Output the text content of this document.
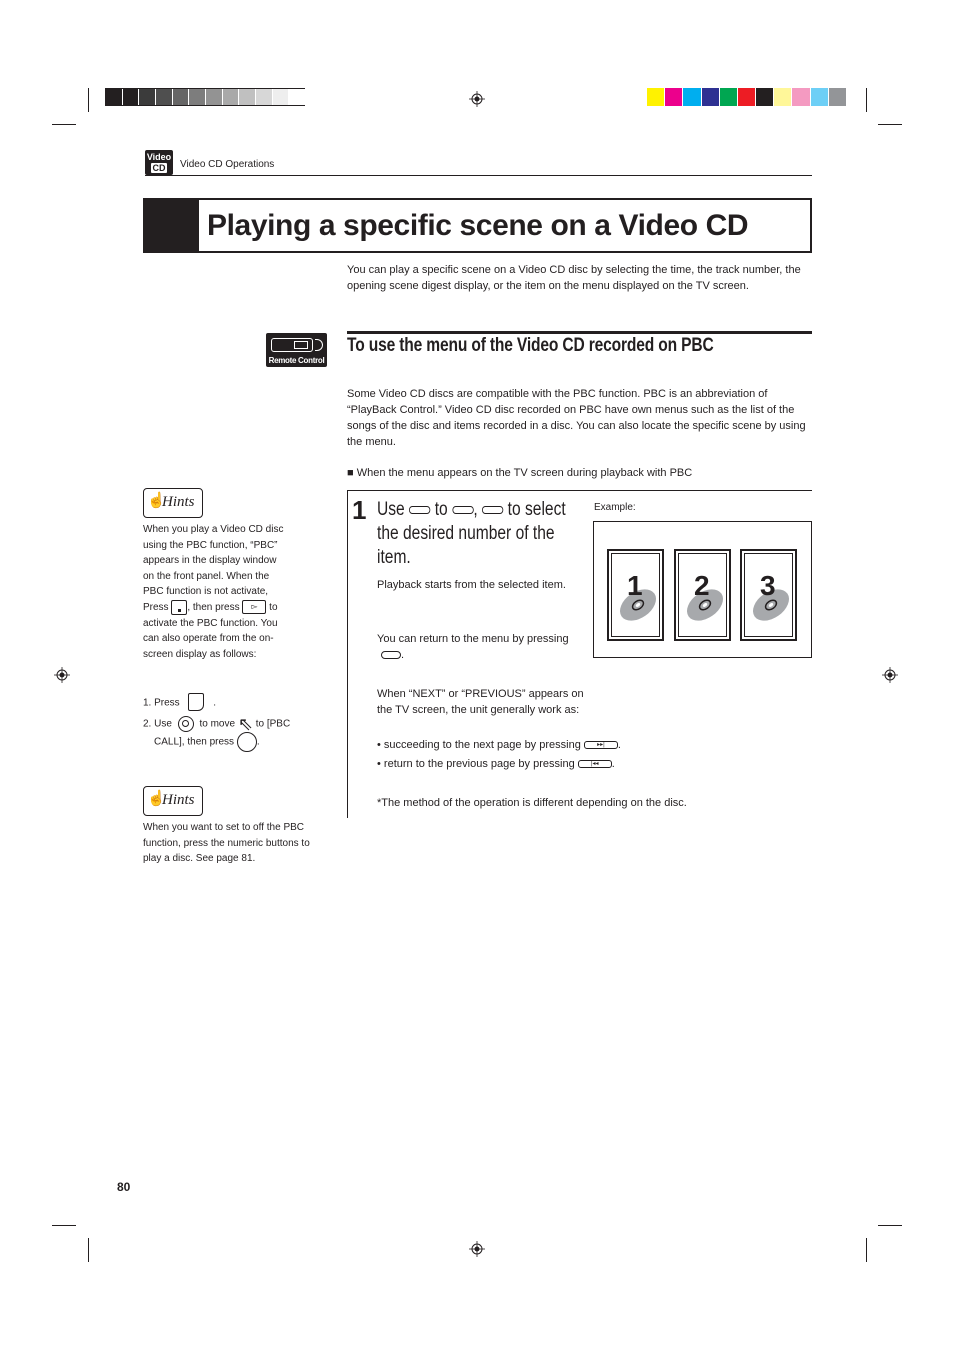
Video
CD Video CD Operations
Playing a specific scene on a Video CD
You can play a specific scene on a Video CD disc by selecting the time, the track number, the opening scene digest display, or the item on the menu displayed on the TV screen.
Remote Control
To use the menu of the Video CD recorded on PBC
Some Video CD discs are compatible with the PBC function. PBC is an abbreviation of “PlayBack Control.” Video CD disc recorded on PBC have own menus such as the list of the songs of the disc and items recorded in a disc. You can also locate the specific scene by using the menu.
■ When the menu appears on the TV screen during playback with PBC
☝
Hints
When you play a Video CD disc
using the PBC function, “PBC”
appears in the display window
on the front panel. When the
PBC function is not activate,
Press , then press ▻ to
activate the PBC function. You
can also operate from the on-
screen display as follows:
1. Press	.
2. Use	to move ⇖ to [PBC
CALL], then press .
☝
Hints
When you want to set to off the PBC function, press the numeric buttons to play a disc. See page 81.
1 Use to , to select
the desired number of the
item.
Playback starts from the selected item.
You can return to the menu by pressing .
When “NEXT” or “PREVIOUS” appears on the TV screen, the unit generally work as:
• succeeding to the next page by pressing	▸▸| .
• return to the previous page by pressing	|◂◂ .
*The method of the operation is different depending on the disc.
Example:
1 2 3
80
